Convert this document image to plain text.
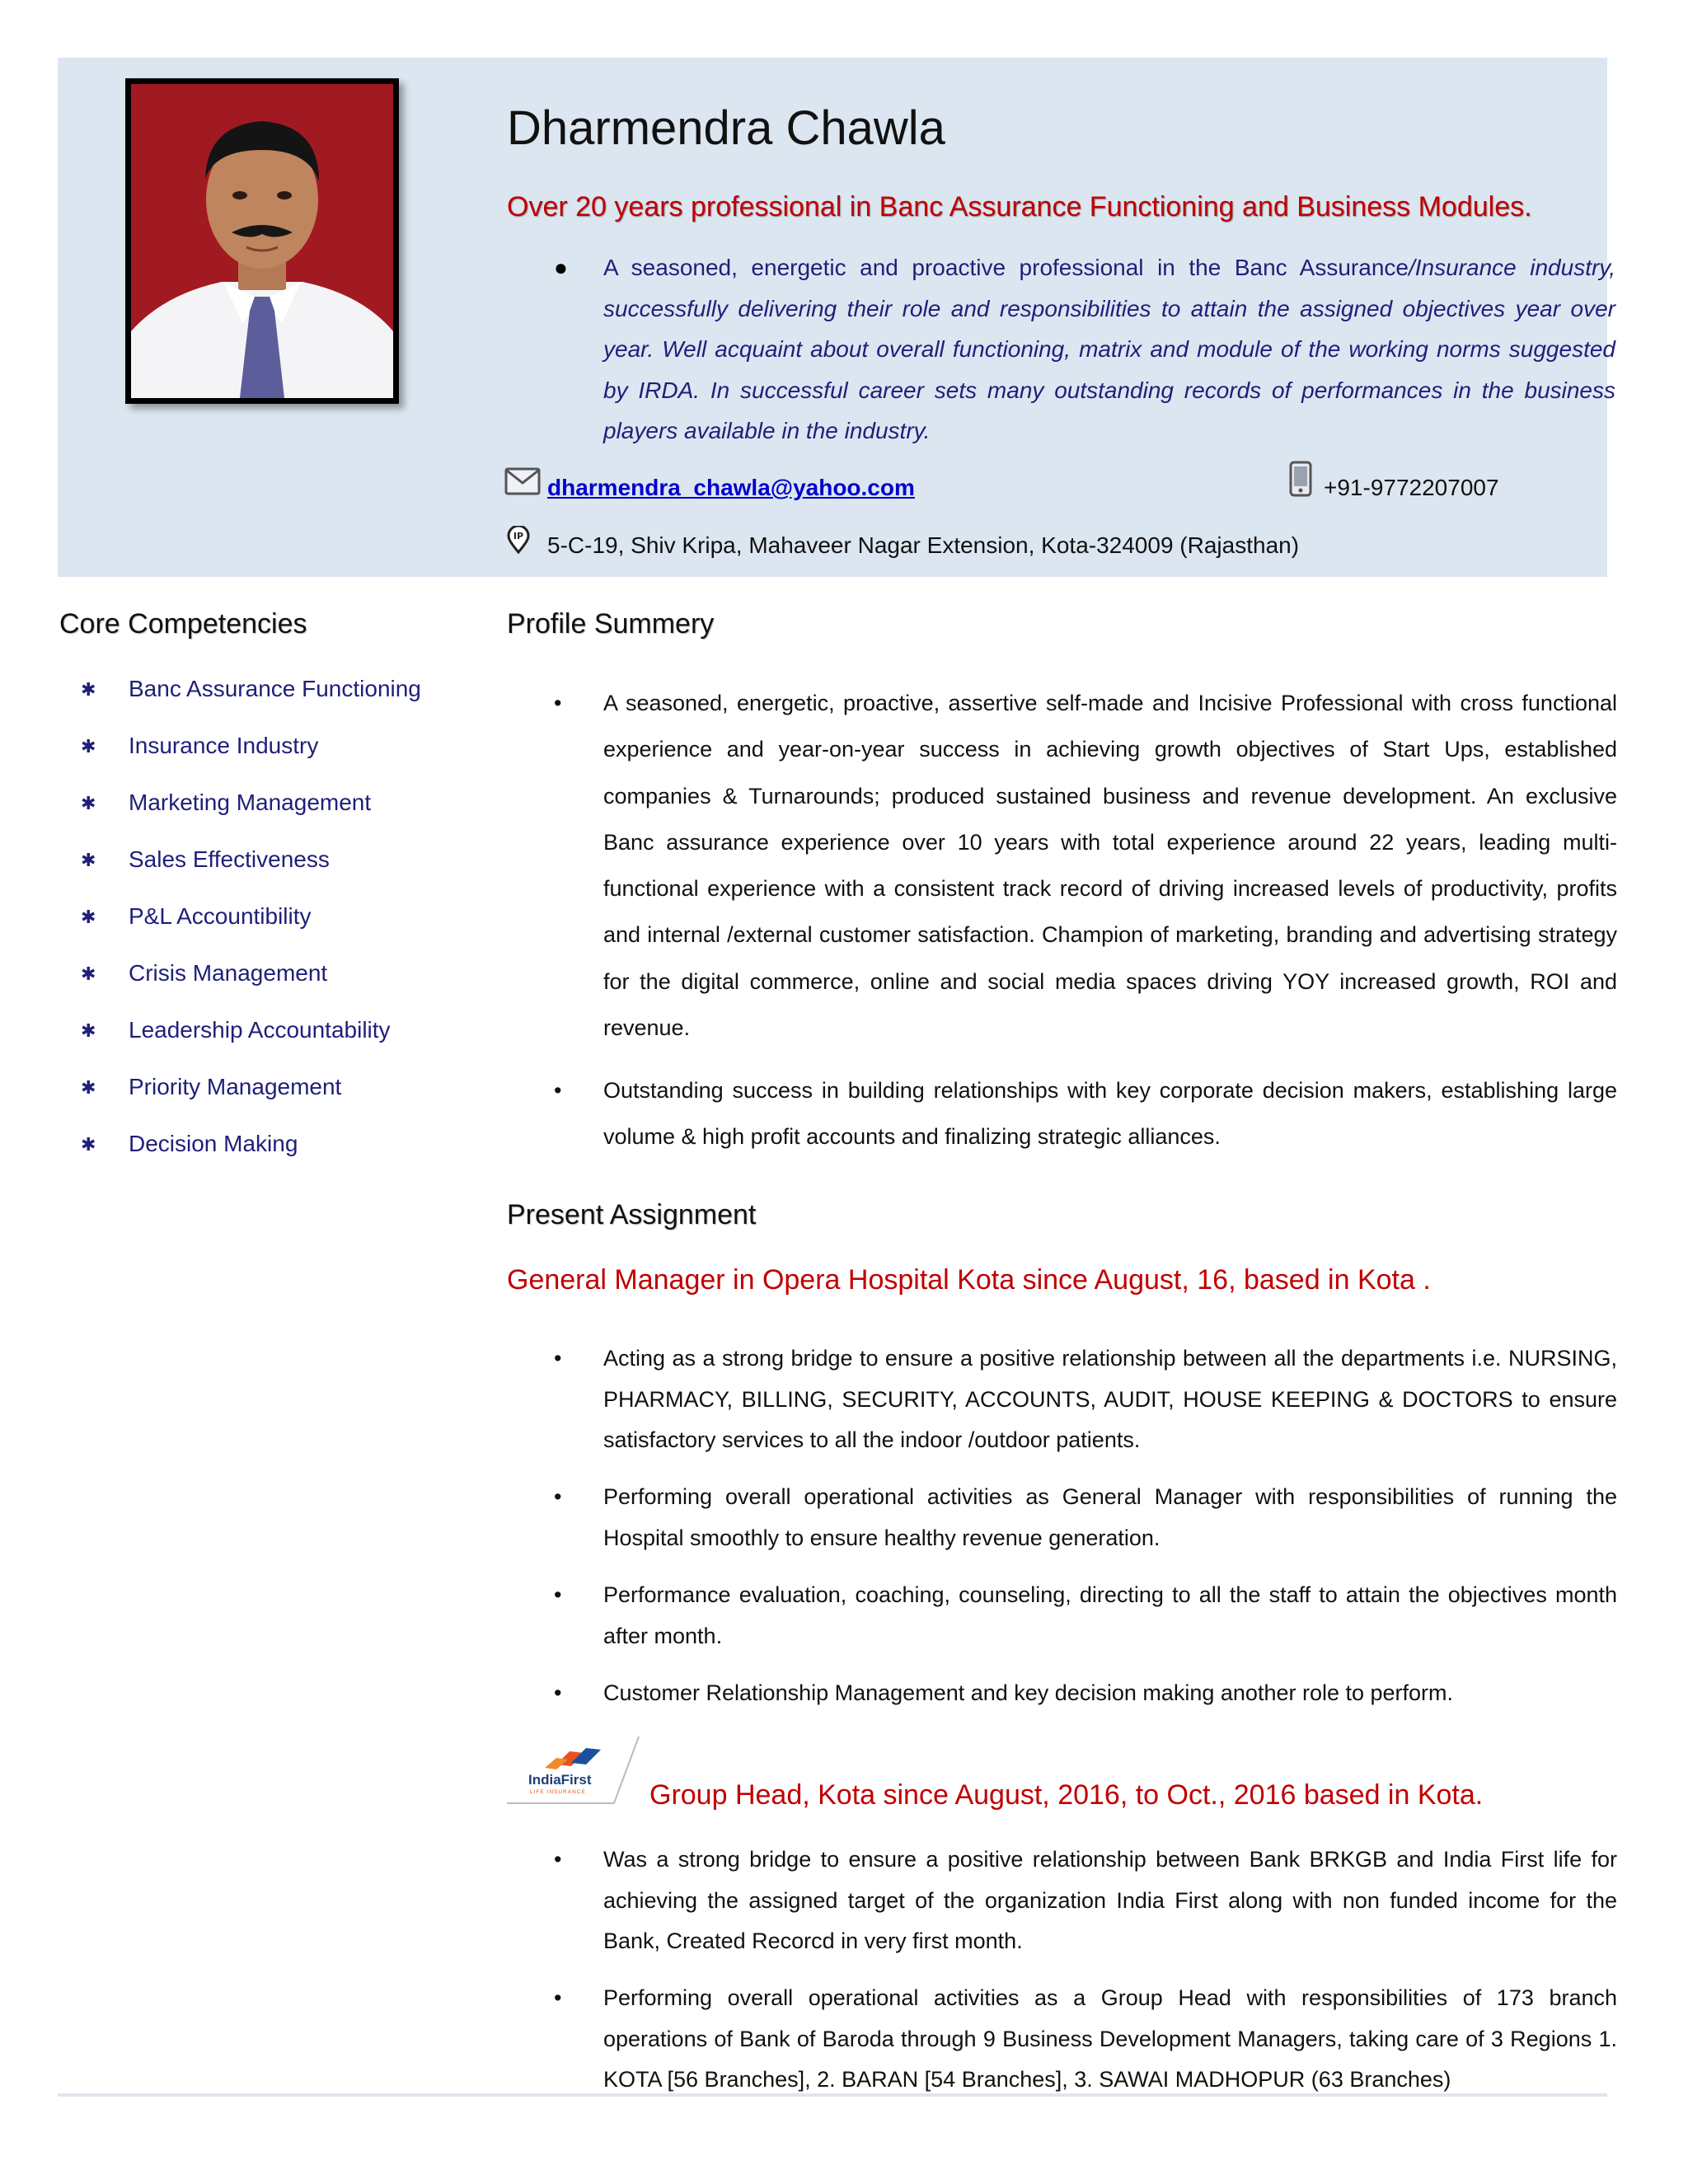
Dharmendra Chawla
Over 20 years professional in Banc Assurance Functioning and Business Modules.
● A seasoned, energetic and proactive professional in the Banc Assurance/Insurance industry, successfully delivering their role and responsibilities to attain the assigned objectives year over year. Well acquaint about overall functioning, matrix and module of the working norms suggested by IRDA. In successful career sets many outstanding records of performances in the business players available in the industry.
dharmendra_chawla@yahoo.com	+91-9772207007
IP 5-C-19, Shiv Kripa, Mahaveer Nagar Extension, Kota-324009 (Rajasthan)
Core Competencies
✱ Banc Assurance Functioning
✱ Insurance Industry
✱ Marketing Management
✱ Sales Effectiveness
✱ P&L Accountibility
✱ Crisis Management
✱ Leadership Accountability
✱ Priority Management
✱ Decision Making
Profile Summery
• A seasoned, energetic, proactive, assertive self-made and Incisive Professional with cross functional experience and year-on-year success in achieving growth objectives of Start Ups, established companies & Turnarounds; produced sustained business and revenue development. An exclusive Banc assurance experience over 10 years with total experience around 22 years, leading multi-functional experience with a consistent track record of driving increased levels of productivity, profits and internal /external customer satisfaction. Champion of marketing, branding and advertising strategy for the digital commerce, online and social media spaces driving YOY increased growth, ROI and revenue.
• Outstanding success in building relationships with key corporate decision makers, establishing large volume & high profit accounts and finalizing strategic alliances.
Present Assignment
General Manager in Opera Hospital Kota since August, 16, based in Kota .
• Acting as a strong bridge to ensure a positive relationship between all the departments i.e. NURSING, PHARMACY, BILLING, SECURITY, ACCOUNTS, AUDIT, HOUSE KEEPING & DOCTORS to ensure satisfactory services to all the indoor /outdoor patients.
• Performing overall operational activities as General Manager with responsibilities of running the Hospital smoothly to ensure healthy revenue generation.
• Performance evaluation, coaching, counseling, directing to all the staff to attain the objectives month after month.
• Customer Relationship Management and key decision making another role to perform.
IndiaFirst
LIFE INSURANCE Group Head, Kota since August, 2016, to Oct., 2016 based in Kota.
• Was a strong bridge to ensure a positive relationship between Bank BRKGB and India First life for achieving the assigned target of the organization India First along with non funded income for the Bank, Created Recorcd in very first month.
• Performing overall operational activities as a Group Head with responsibilities of 173 branch operations of Bank of Baroda through 9 Business Development Managers, taking care of 3 Regions 1. KOTA [56 Branches], 2. BARAN [54 Branches], 3. SAWAI MADHOPUR (63 Branches)
